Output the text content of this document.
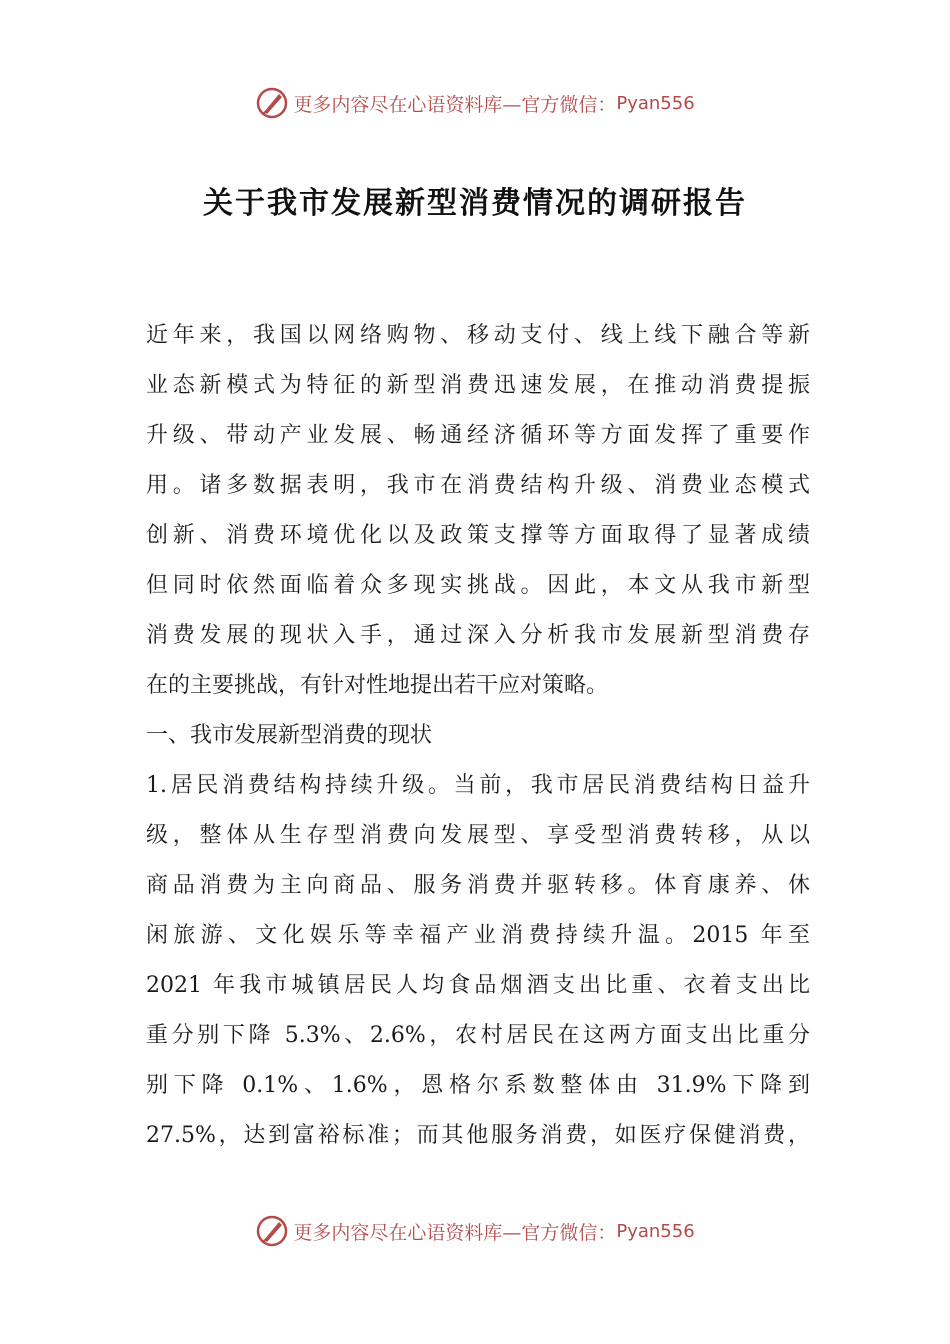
更多内容尽在心语资料库—官方微信： Pyan556
关于我市发展新型消费情况的调研报告
近年来，我国以网络购物、移动支付、线上线下融合等新
业态新模式为特征的新型消费迅速发展，在推动消费提振
升级、带动产业发展、畅通经济循环等方面发挥了重要作
用。诸多数据表明，我市在消费结构升级、消费业态模式
创新、消费环境优化以及政策支撑等方面取得了显著成绩
但同时依然面临着众多现实挑战。因此，本文从我市新型
消费发展的现状入手，通过深入分析我市发展新型消费存
在的主要挑战，有针对性地提出若干应对策略。
一、我市发展新型消费的现状
1.居民消费结构持续升级。当前，我市居民消费结构日益升
级，整体从生存型消费向发展型、享受型消费转移，从以
商品消费为主向商品、服务消费并驱转移。体育康养、休
闲旅游、文化娱乐等幸福产业消费持续升温。2015 年至
2021 年我市城镇居民人均食品烟酒支出比重、衣着支出比
重分别下降 5.3%、2.6%，农村居民在这两方面支出比重分
别下降 0.1%、1.6%，恩格尔系数整体由 31.9%下降到
27.5%，达到富裕标准；而其他服务消费，如医疗保健消费，
更多内容尽在心语资料库—官方微信： Pyan556
